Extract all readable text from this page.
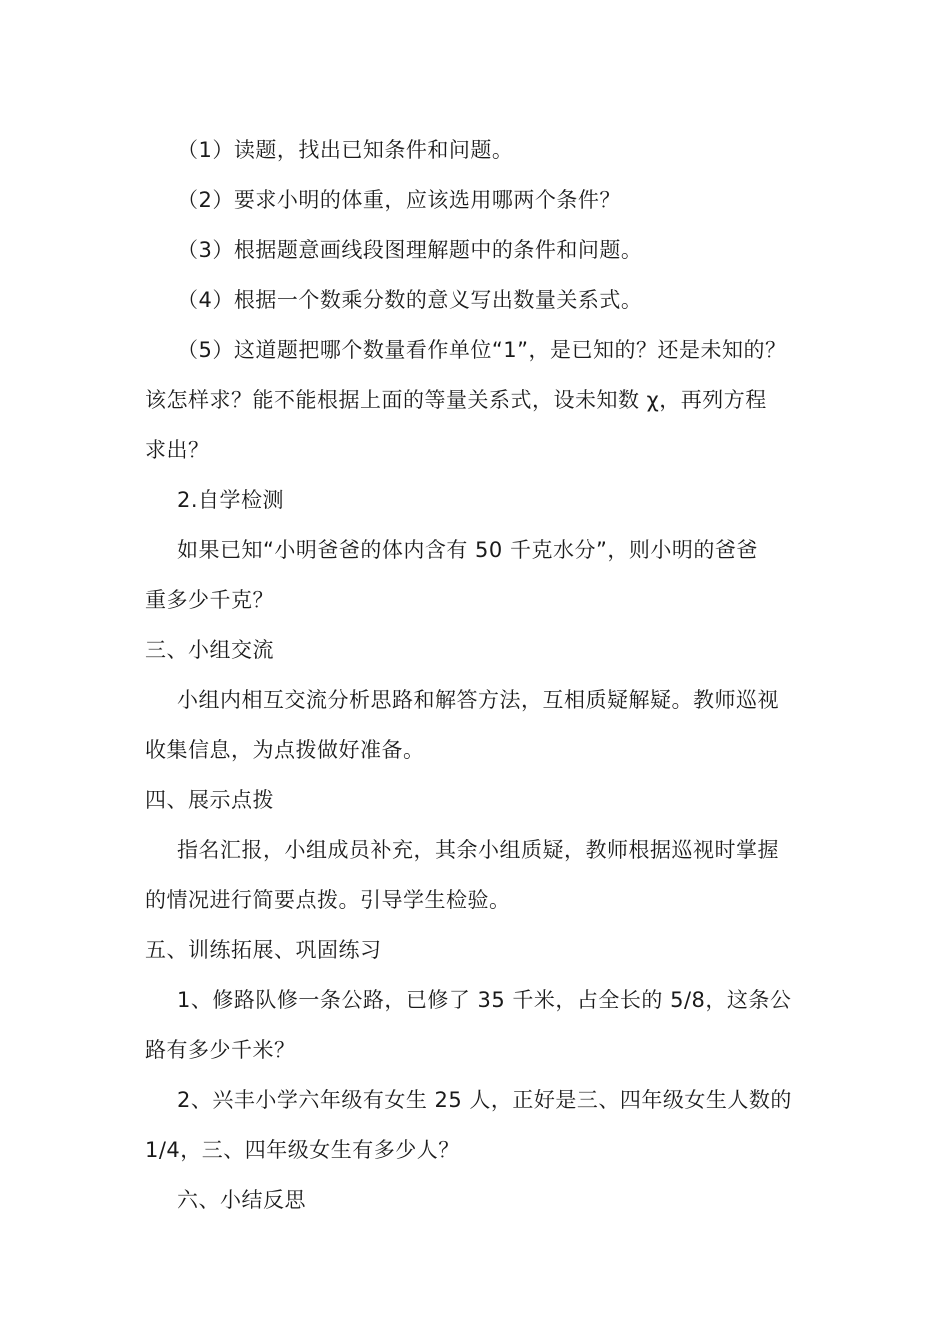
（1）读题，找出已知条件和问题。
（2）要求小明的体重，应该选用哪两个条件？
（3）根据题意画线段图理解题中的条件和问题。
（4）根据一个数乘分数的意义写出数量关系式。
（5）这道题把哪个数量看作单位“1”，是已知的？还是未知的？
该怎样求？能不能根据上面的等量关系式，设未知数 χ，再列方程
求出？
2.自学检测
如果已知“小明爸爸的体内含有 50 千克水分”，则小明的爸爸
重多少千克？
三、小组交流
小组内相互交流分析思路和解答方法，互相质疑解疑。教师巡视
收集信息，为点拨做好准备。
四、展示点拨
指名汇报，小组成员补充，其余小组质疑，教师根据巡视时掌握
的情况进行简要点拨。引导学生检验。
五、训练拓展、巩固练习
1、修路队修一条公路，已修了 35 千米，占全长的 5/8，这条公
路有多少千米？
2、兴丰小学六年级有女生 25 人，正好是三、四年级女生人数的
1/4，三、四年级女生有多少人？
六、小结反思
